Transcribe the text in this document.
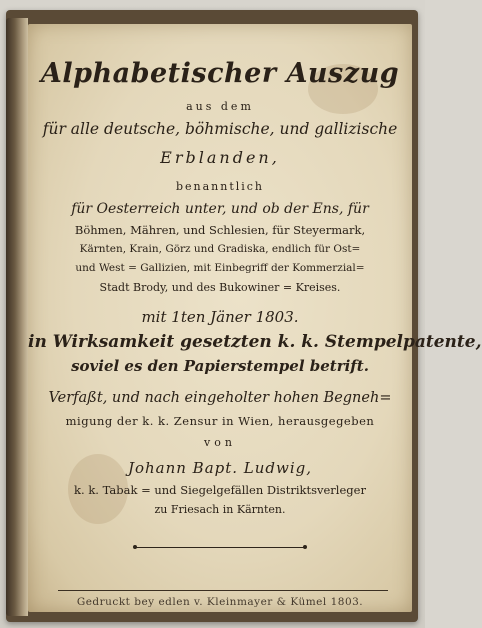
Alphabetischer Auszug
aus dem
für alle deutsche, böhmische, und gallizische
Erblanden,
benanntlich
für Oesterreich unter, und ob der Ens, für
Böhmen, Mähren, und Schlesien, für Steyermark,
Kärnten, Krain, Görz und Gradiska, endlich für Ost=
und West = Gallizien, mit Einbegriff der Kommerzial=
Stadt Brody, und des Bukowiner = Kreises.
mit 1ten Jäner 1803.
in Wirksamkeit gesetzten k. k. Stempelpatente,
soviel es den Papierstempel betrift.
Verfaßt, und nach eingeholter hohen Begneh=
migung der k. k. Zensur in Wien, herausgegeben
von
Johann Bapt. Ludwig,
k. k. Tabak = und Siegelgefällen Distriktsverleger
zu Friesach in Kärnten.
Gedruckt bey edlen v. Kleinmayer & Kümel 1803.
